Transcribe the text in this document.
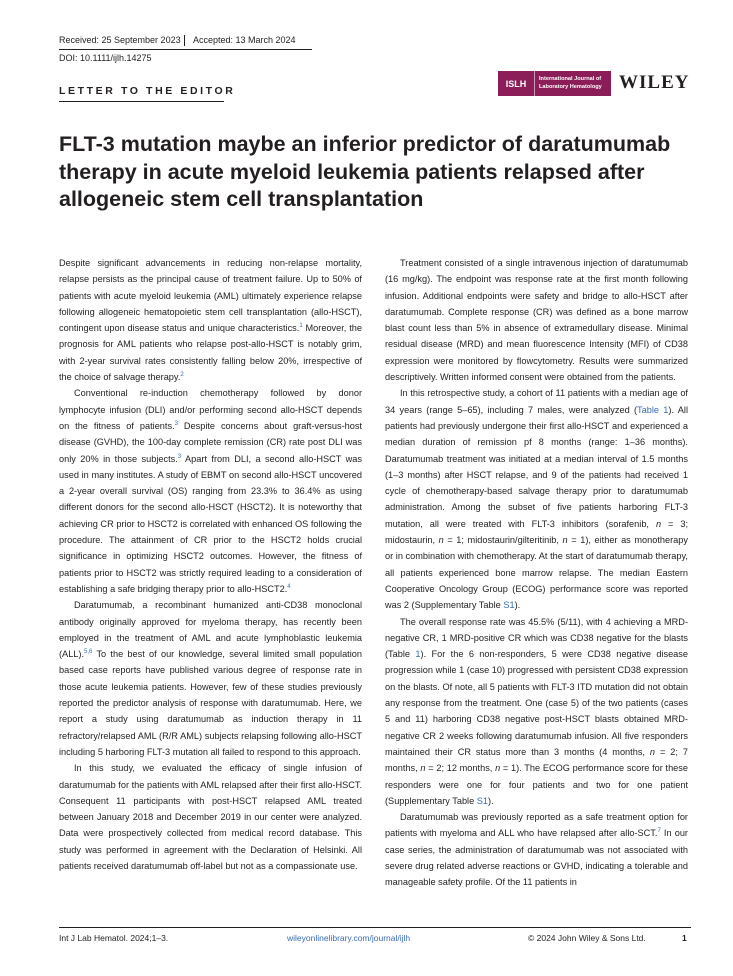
Received: 25 September 2023 Accepted: 13 March 2024
DOI: 10.1111/ijlh.14275
LETTER TO THE EDITOR
ISLH	International Journal of
Laboratory Hematology WILEY
FLT-3 mutation maybe an inferior predictor of daratumumab therapy in acute myeloid leukemia patients relapsed after allogeneic stem cell transplantation

Despite significant advancements in reducing non-relapse mortality, relapse persists as the principal cause of treatment failure. Up to 50% of patients with acute myeloid leukemia (AML) ultimately experience relapse following allogeneic hematopoietic stem cell transplantation (allo-HSCT), contingent upon disease status and unique characteristics.$^1$ Moreover, the prognosis for AML patients who relapse post-allo-HSCT is notably grim, with 2-year survival rates consistently falling below 20%, irrespective of the choice of salvage therapy.$^2$

Conventional re-induction chemotherapy followed by donor lymphocyte infusion (DLI) and/or performing second allo-HSCT depends on the fitness of patients.$^3$ Despite concerns about graft-versus-host disease (GVHD), the 100-day complete remission (CR) rate post DLI was only 20% in those subjects.$^3$ Apart from DLI, a second allo-HSCT was used in many institutes. A study of EBMT on second allo-HSCT uncovered a 2-year overall survival (OS) ranging from 23.3% to 36.4% as using different donors for the second allo-HSCT (HSCT2). It is noteworthy that achieving CR prior to HSCT2 is correlated with enhanced OS following the procedure. The attainment of CR prior to the HSCT2 holds crucial significance in optimizing HSCT2 outcomes. However, the fitness of patients prior to HSCT2 was strictly required leading to a consideration of establishing a safe bridging therapy prior to allo-HSCT2.$^4$

Daratumumab, a recombinant humanized anti-CD38 monoclonal antibody originally approved for myeloma therapy, has recently been employed in the treatment of AML and acute lymphoblastic leukemia (ALL).$^{5,6}$ To the best of our knowledge, several limited small population based case reports have published various degree of response rate in those acute leukemia patients. However, few of these studies previously reported the predictor analysis of response with daratumumab. Here, we report a study using daratumumab as induction therapy in 11 refractory/relapsed AML (R/R AML) subjects relapsing following allo-HSCT including 5 harboring FLT-3 mutation all failed to respond to this approach.

In this study, we evaluated the efficacy of single infusion of daratumumab for the patients with AML relapsed after their first allo-HSCT. Consequent 11 participants with post-HSCT relapsed AML treated between January 2018 and December 2019 in our center were analyzed. Data were prospectively collected from medical record database. This study was performed in agreement with the Declaration of Helsinki. All patients received daratumumab off-label but not as a compassionate use.

Treatment consisted of a single intravenous injection of daratumumab (16 mg/kg). The endpoint was response rate at the first month following infusion. Additional endpoints were safety and bridge to allo-HSCT after daratumumab. Complete response (CR) was defined as a bone marrow blast count less than 5% in absence of extramedullary disease. Minimal residual disease (MRD) and mean fluorescence Intensity (MFI) of CD38 expression were monitored by flowcytometry. Results were summarized descriptively. Written informed consent were obtained from the patients.

In this retrospective study, a cohort of 11 patients with a median age of 34 years (range 5–65), including 7 males, were analyzed (Table 1). All patients had previously undergone their first allo-HSCT and experienced a median duration of remission pf 8 months (range: 1–36 months). Daratumumab treatment was initiated at a median interval of 1.5 months (1–3 months) after HSCT relapse, and 9 of the patients had received 1 cycle of chemotherapy-based salvage therapy prior to daratumumab administration. Among the subset of five patients harboring FLT-3 mutation, all were treated with FLT-3 inhibitors (sorafenib, n = 3; midostaurin, n = 1; midostaurin/gilteritinib, n = 1), either as monotherapy or in combination with chemotherapy. At the start of daratumumab therapy, all patients experienced bone marrow relapse. The median Eastern Cooperative Oncology Group (ECOG) performance score was reported was 2 (Supplementary Table S1).

The overall response rate was 45.5% (5/11), with 4 achieving a MRD-negative CR, 1 MRD-positive CR which was CD38 negative for the blasts (Table 1). For the 6 non-responders, 5 were CD38 negative disease progression while 1 (case 10) progressed with persistent CD38 expression on the blasts. Of note, all 5 patients with FLT-3 ITD mutation did not obtain any response from the treatment. One (case 5) of the two patients (cases 5 and 11) harboring CD38 negative post-HSCT blasts obtained MRD-negative CR 2 weeks following daratumumab infusion. All five responders maintained their CR status more than 3 months (4 months, n = 2; 7 months, n = 2; 12 months, n = 1). The ECOG performance score for these responders were one for four patients and two for one patient (Supplementary Table S1).

Daratumumab was previously reported as a safe treatment option for patients with myeloma and ALL who have relapsed after allo-SCT.$^7$ In our case series, the administration of daratumumab was not associated with severe drug related adverse reactions or GVHD, indicating a tolerable and manageable safety profile. Of the 11 patients in

Int J Lab Hematol. 2024;1–3.	wileyonlinelibrary.com/journal/ijlh	© 2024 John Wiley & Sons Ltd.	1
